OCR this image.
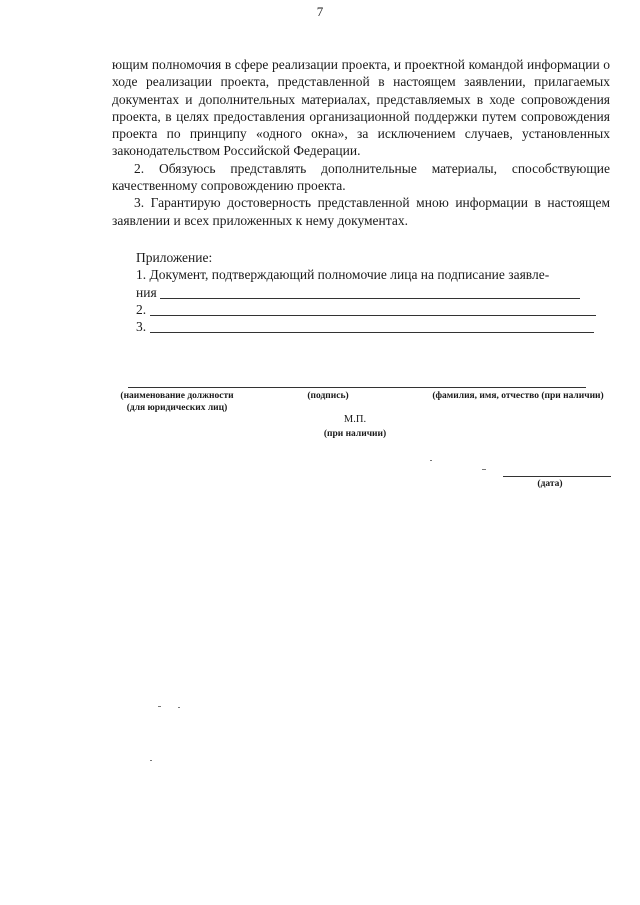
7

ющим полномочия в сфере реализации проекта, и проектной командой информации о ходе реализации проекта, представленной в настоящем заявлении, прилагаемых документах и дополнительных материалах, представляемых в ходе сопровождения проекта, в целях предоставления организационной поддержки путем сопровождения проекта по принципу «одного окна», за исключением случаев, установленных законодательством Российской Федерации.

2. Обязуюсь представлять дополнительные материалы, способствующие качественному сопровождению проекта.

3. Гарантирую достоверность представленной мною информации в настоящем заявлении и всех приложенных к нему документах.

Приложение:
1. Документ, подтверждающий полномочие лица на подписание заявле-
ния
2.
3.
(наименование должности
(для юридических лиц)
(подпись)	(фамилия, имя, отчество (при наличии)
М.П.
(при наличии)
(дата)
